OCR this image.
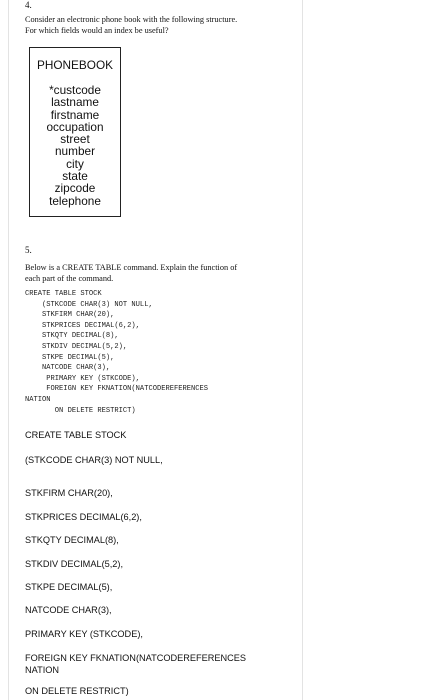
4.
Consider an electronic phone book with the following structure.
For which fields would an index be useful?
PHONEBOOK
*custcode
lastname
firstname
occupation
street
number
city
state
zipcode
telephone
5.
Below is a CREATE TABLE command. Explain the function of
each part of the command.
CREATE TABLE STOCK
(STKCODE CHAR(3) NOT NULL,
STKFIRM CHAR(20),
STKPRICES DECIMAL(6,2),
STKQTY DECIMAL(8),
STKDIV DECIMAL(5,2),
STKPE DECIMAL(5),
NATCODE CHAR(3),
PRIMARY KEY (STKCODE),
FOREIGN KEY FKNATION(NATCODEREFERENCES
NATION
ON DELETE RESTRICT)
CREATE TABLE STOCK
(STKCODE CHAR(3) NOT NULL,
STKFIRM CHAR(20),
STKPRICES DECIMAL(6,2),
STKQTY DECIMAL(8),
STKDIV DECIMAL(5,2),
STKPE DECIMAL(5),
NATCODE CHAR(3),
PRIMARY KEY (STKCODE),
FOREIGN KEY FKNATION(NATCODEREFERENCES NATION
ON DELETE RESTRICT)
